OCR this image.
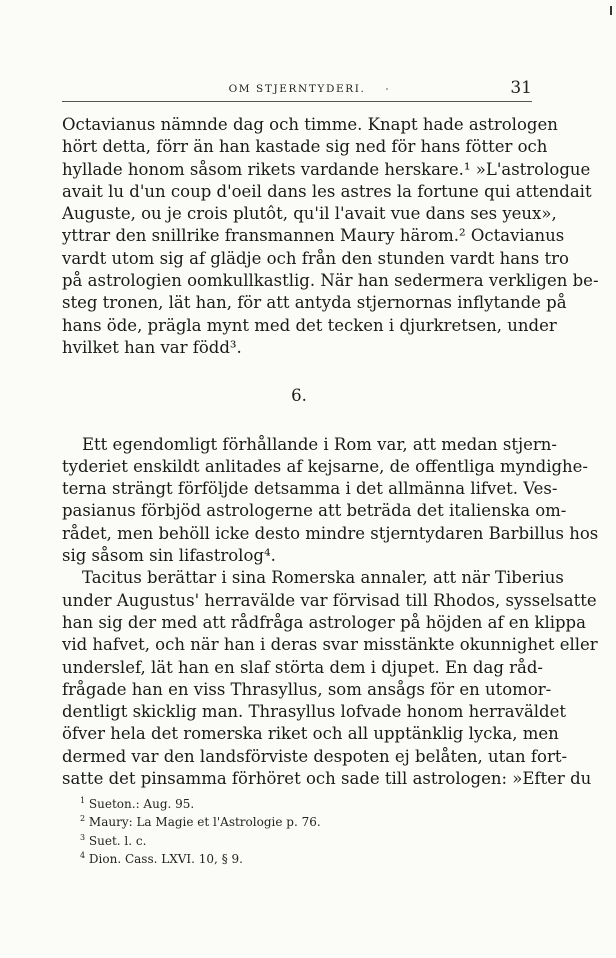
OM STJERNTYDERI.	31
Octavianus nämnde dag och timme. Knapt hade astrologen
hört detta, förr än han kastade sig ned för hans fötter och
hyllade honom såsom rikets vardande herskare.¹ »L'astrologue
avait lu d'un coup d'oeil dans les astres la fortune qui attendait
Auguste, ou je crois plutôt, qu'il l'avait vue dans ses yeux»,
yttrar den snillrike fransmannen Maury härom.² Octavianus
vardt utom sig af glädje och från den stunden vardt hans tro
på astrologien oomkullkastlig. När han sedermera verkligen be-
steg tronen, lät han, för att antyda stjernornas inflytande på
hans öde, prägla mynt med det tecken i djurkretsen, under
hvilket han var född³.
6.
Ett egendomligt förhållande i Rom var, att medan stjern-
tyderiet enskildt anlitades af kejsarne, de offentliga myndighe-
terna strängt förföljde detsamma i det allmänna lifvet. Ves-
pasianus förbjöd astrologerne att beträda det italienska om-
rådet, men behöll icke desto mindre stjerntydaren Barbillus hos
sig såsom sin lifastrolog⁴.
Tacitus berättar i sina Romerska annaler, att när Tiberius
under Augustus' herravälde var förvisad till Rhodos, sysselsatte
han sig der med att rådfråga astrologer på höjden af en klippa
vid hafvet, och när han i deras svar misstänkte okunnighet eller
underslef, lät han en slaf störta dem i djupet. En dag råd-
frågade han en viss Thrasyllus, som ansågs för en utomor-
dentligt skicklig man. Thrasyllus lofvade honom herraväldet
öfver hela det romerska riket och all upptänklig lycka, men
dermed var den landsförviste despoten ej belåten, utan fort-
satte det pinsamma förhöret och sade till astrologen: »Efter du
$^1$ Sueton.: Aug. 95.
$^2$ Maury: La Magie et l'Astrologie p. 76.
$^3$ Suet. l. c.
$^4$ Dion. Cass. LXVI. 10, § 9.
